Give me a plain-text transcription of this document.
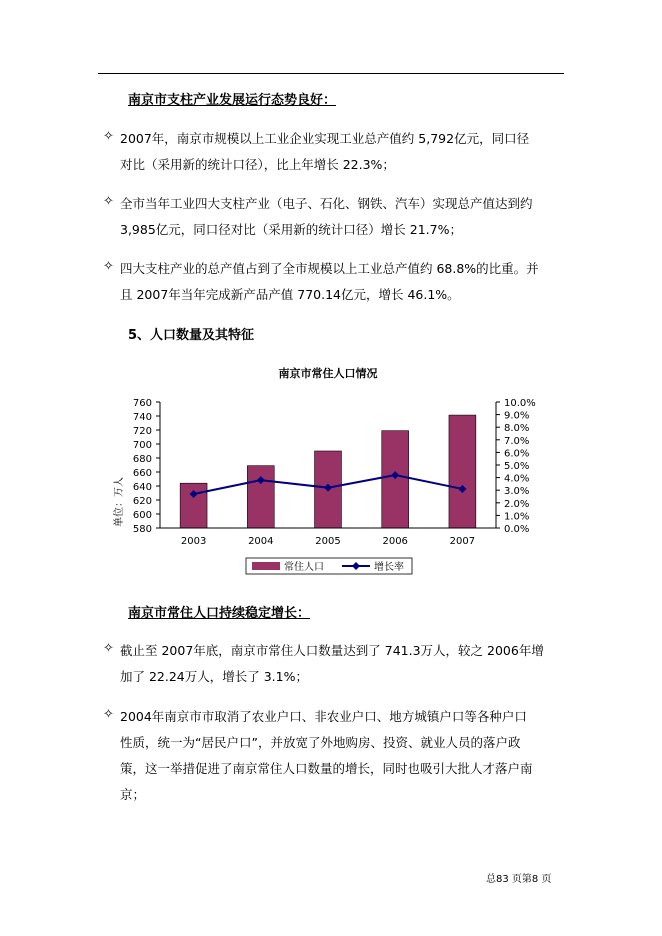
南京市支柱产业发展运行态势良好：
✧ 2007年，南京市规模以上工业企业实现工业总产值约 5,792亿元，同口径
对比（采用新的统计口径），比上年增长 22.3%；
✧ 全市当年工业四大支柱产业（电子、石化、钢铁、汽车）实现总产值达到约
3,985亿元，同口径对比（采用新的统计口径）增长 21.7%；
✧ 四大支柱产业的总产值占到了全市规模以上工业总产值约 68.8%的比重。并
且 2007年当年完成新产品产值 770.14亿元，增长 46.1%。
5、人口数量及其特征
南京市常住人口情况
760
740
720
700
680
660
640
620
600
580
10.0%
9.0%
8.0%
7.0%
6.0%
5.0%
4.0%
3.0%
2.0%
1.0%
0.0%
2003	2004	2005	2006	2007
单位：万人
常住人口	增长率
南京市常住人口持续稳定增长：
✧ 截止至 2007年底，南京市常住人口数量达到了 741.3万人，较之 2006年增
加了 22.24万人，增长了 3.1%；
✧ 2004年南京市市取消了农业户口、非农业户口、地方城镇户口等各种户口
性质，统一为“居民户口”，并放宽了外地购房、投资、就业人员的落户政
策，这一举措促进了南京常住人口数量的增长，同时也吸引大批人才落户南
京；
总83 页第8 页
